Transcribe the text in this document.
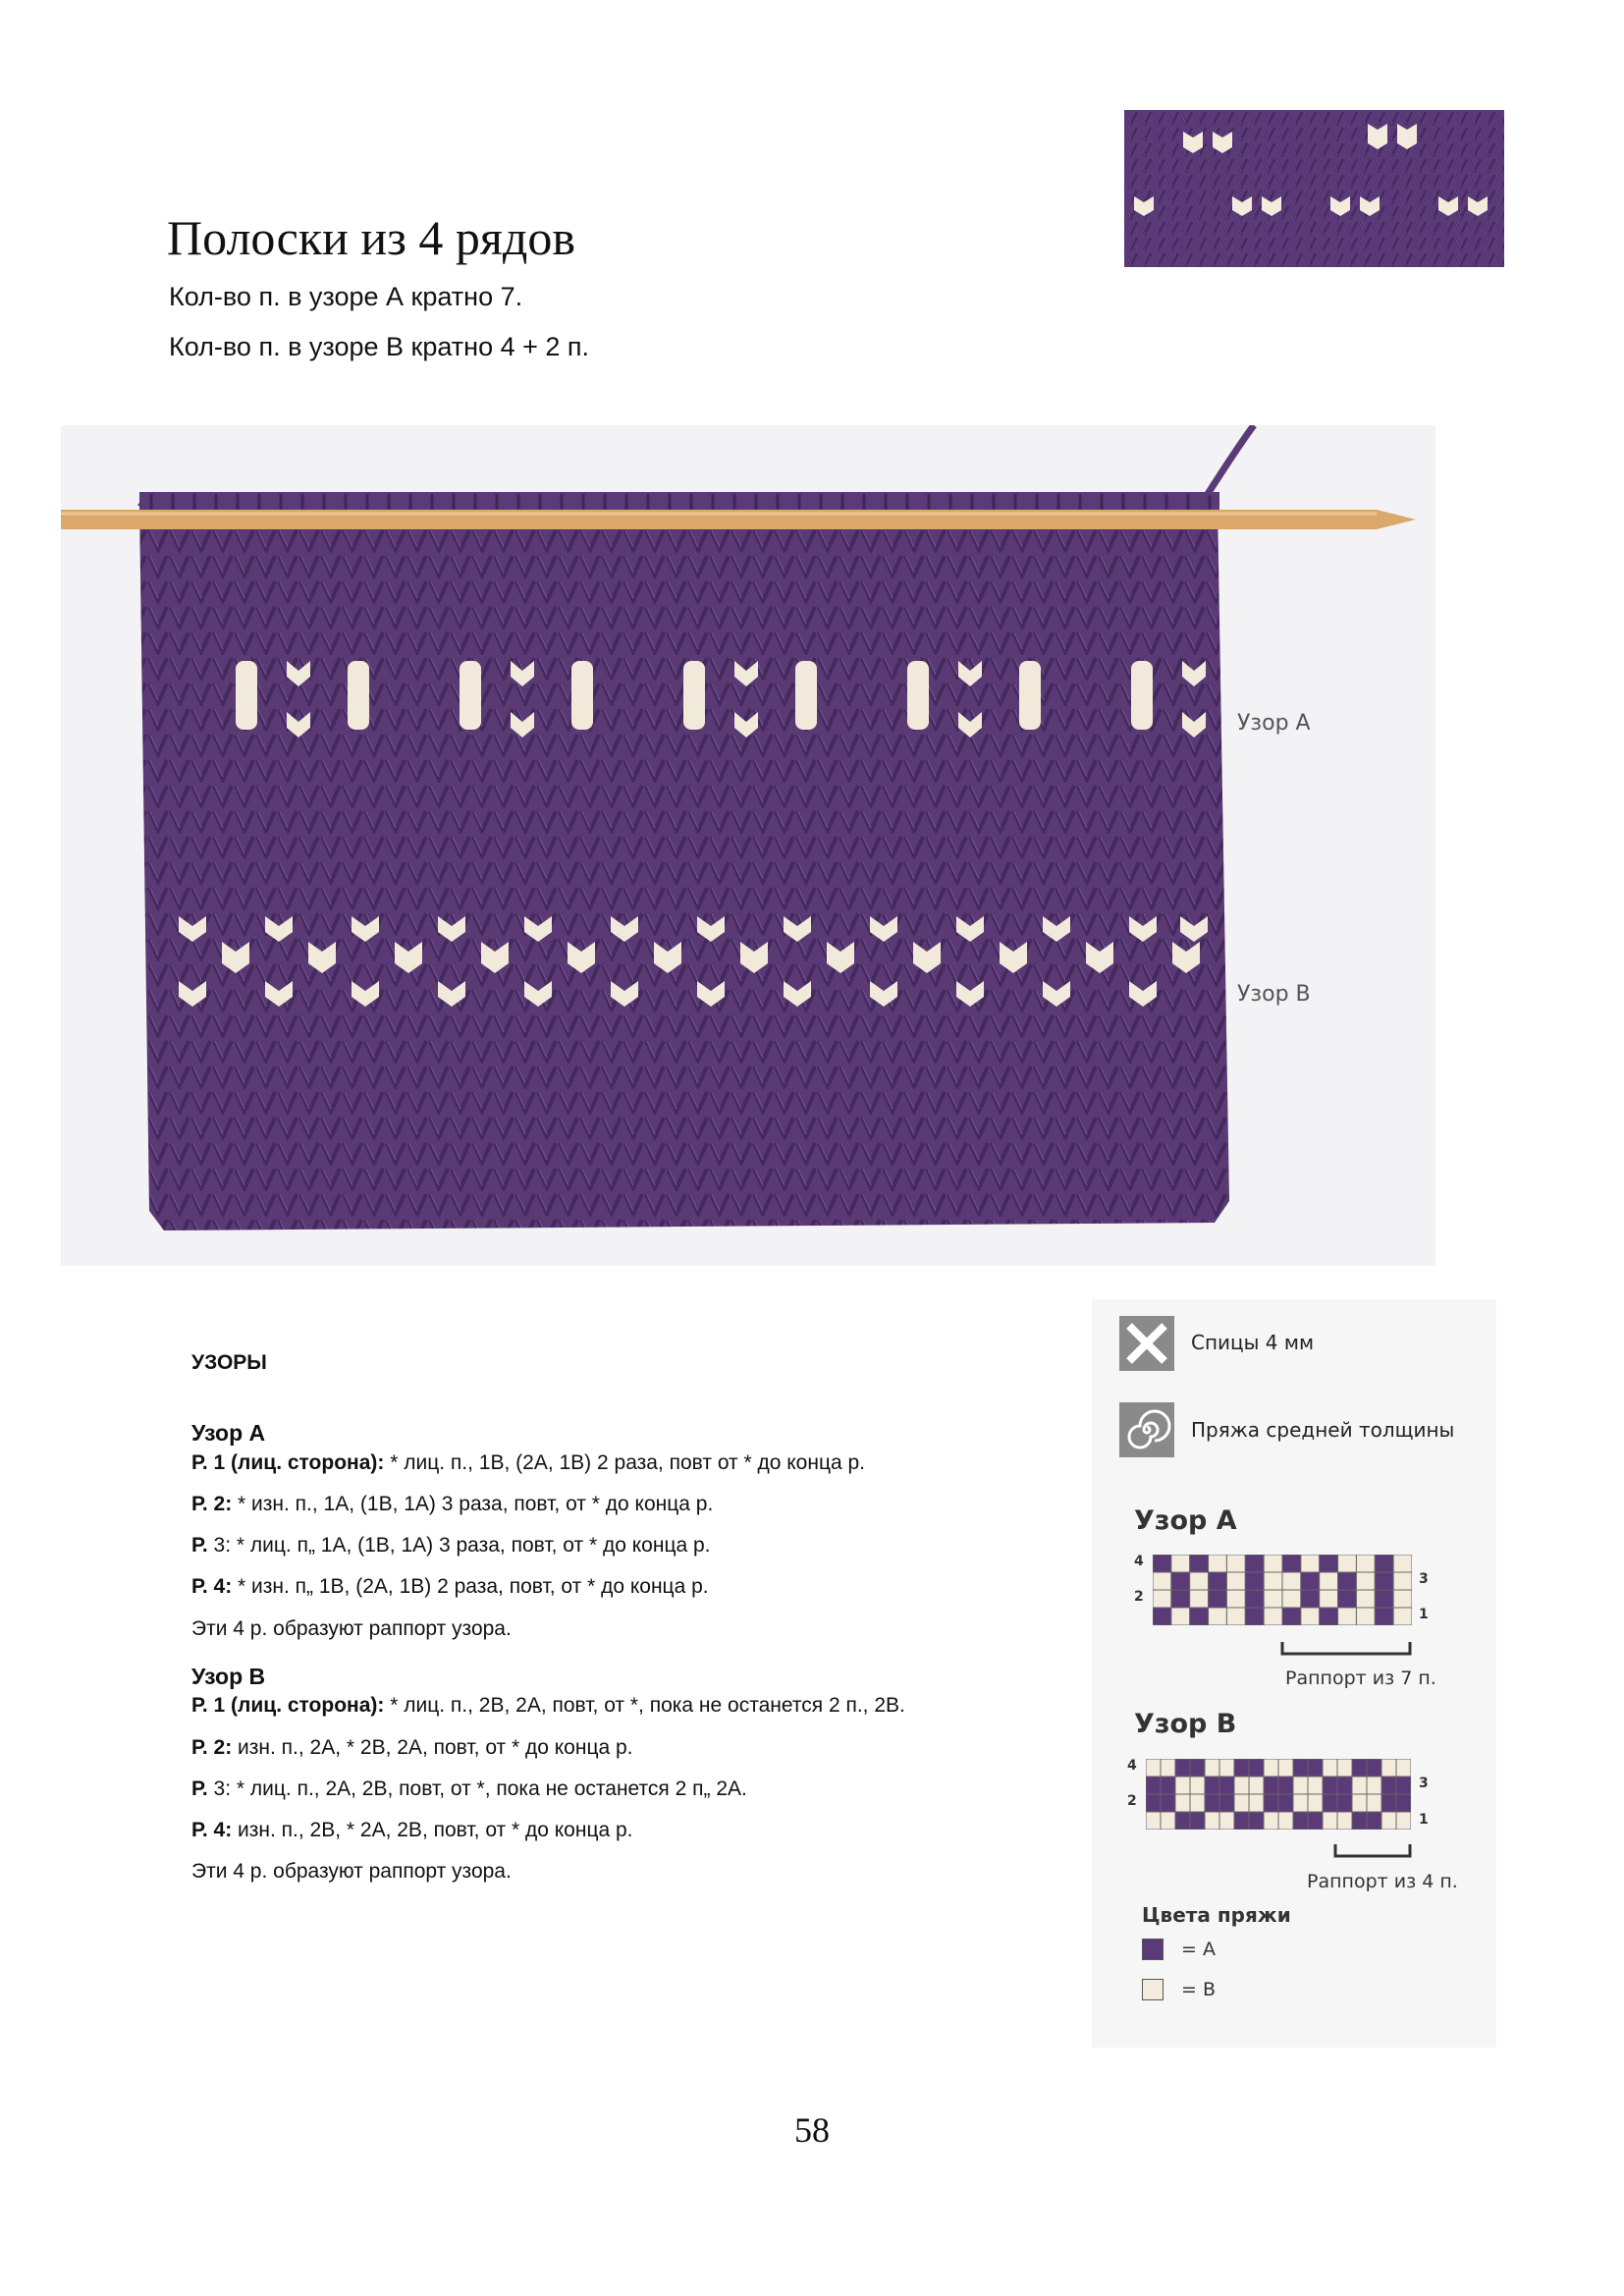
Полоски из 4 рядов
Кол-во п. в узоре А кратно 7.
Кол-во п. в узоре В кратно 4 + 2 п.
Узор А
Узор В
УЗОРЫ
Узор А
Р. 1 (лиц. сторона): * лиц. п., 1B, (2A, 1B) 2 раза, повт от * до конца р.
Р. 2: * изн. п., 1А, (1В, 1А) 3 раза, повт, от * до конца р.
Р. 3: * лиц. п„ 1А, (1В, 1А) 3 раза, повт, от * до конца р.
Р. 4: * изн. п„ 1В, (2А, 1В) 2 раза, повт, от * до конца р.
Эти 4 р. образуют раппорт узора.
Узор В
Р. 1 (лиц. сторона): * лиц. п., 2В, 2А, повт, от *, пока не останется 2 п., 2В.
Р. 2: изн. п., 2А, * 2В, 2А, повт, от * до конца р.
Р. 3: * лиц. п., 2А, 2В, повт, от *, пока не останется 2 п„ 2А.
Р. 4: изн. п., 2В, * 2А, 2В, повт, от * до конца р.
Эти 4 р. образуют раппорт узора.
Спицы 4 мм
Пряжа средней толщины
Узор А
4
2
3
1
Раппорт из 7 п.
Узор В
4
2
3
1
Раппорт из 4 п.
Цвета пряжи
= A
= B
58
